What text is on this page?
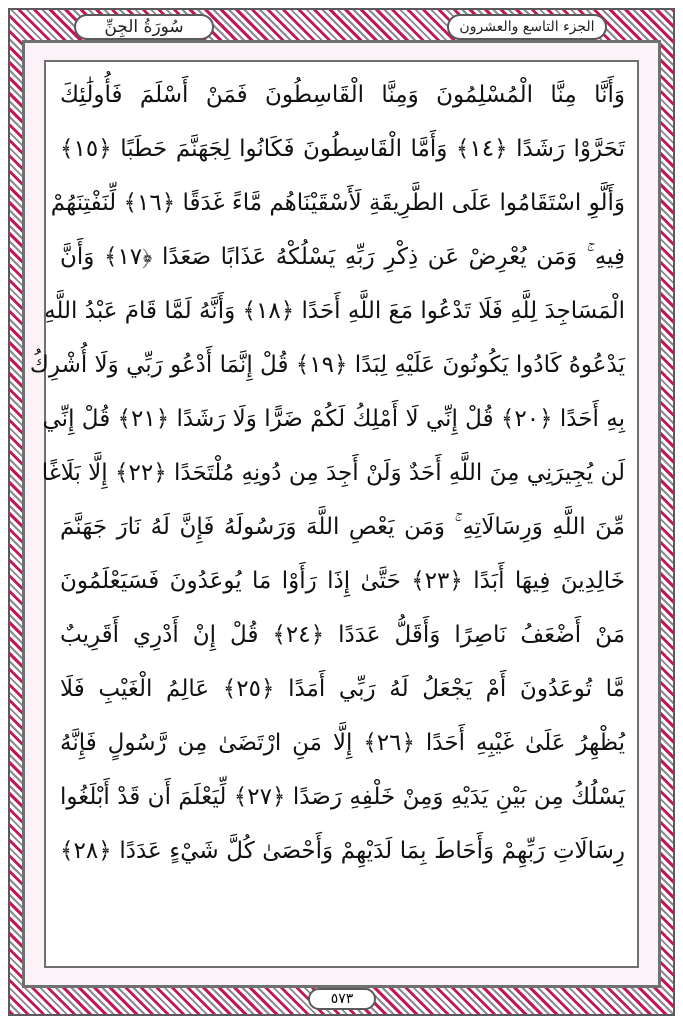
سُورَةُ الجِنِّ	الجزء التاسع والعشرون
وَأَنَّا مِنَّا الْمُسْلِمُونَ وَمِنَّا الْقَاسِطُونَ فَمَنْ أَسْلَمَ فَأُولَٰئِكَ
تَحَرَّوْا رَشَدًا ﴿١٤﴾ وَأَمَّا الْقَاسِطُونَ فَكَانُوا لِجَهَنَّمَ حَطَبًا ﴿١٥﴾
وَأَلَّوِ اسْتَقَامُوا عَلَى الطَّرِيقَةِ لَأَسْقَيْنَاهُم مَّاءً غَدَقًا ﴿١٦﴾ لِّنَفْتِنَهُمْ
فِيهِ ۚ وَمَن يُعْرِضْ عَن ذِكْرِ رَبِّهِ يَسْلُكْهُ عَذَابًا صَعَدًا ﴿١٧﴾ وَأَنَّ
الْمَسَاجِدَ لِلَّهِ فَلَا تَدْعُوا مَعَ اللَّهِ أَحَدًا ﴿١٨﴾ وَأَنَّهُ لَمَّا قَامَ عَبْدُ اللَّهِ
يَدْعُوهُ كَادُوا يَكُونُونَ عَلَيْهِ لِبَدًا ﴿١٩﴾ قُلْ إِنَّمَا أَدْعُو رَبِّي وَلَا أُشْرِكُ
بِهِ أَحَدًا ﴿٢٠﴾ قُلْ إِنِّي لَا أَمْلِكُ لَكُمْ ضَرًّا وَلَا رَشَدًا ﴿٢١﴾ قُلْ إِنِّي
لَن يُجِيرَنِي مِنَ اللَّهِ أَحَدٌ وَلَنْ أَجِدَ مِن دُونِهِ مُلْتَحَدًا ﴿٢٢﴾ إِلَّا بَلَاغًا
مِّنَ اللَّهِ وَرِسَالَاتِهِ ۚ وَمَن يَعْصِ اللَّهَ وَرَسُولَهُ فَإِنَّ لَهُ نَارَ جَهَنَّمَ
خَالِدِينَ فِيهَا أَبَدًا ﴿٢٣﴾ حَتَّىٰ إِذَا رَأَوْا مَا يُوعَدُونَ فَسَيَعْلَمُونَ
مَنْ أَضْعَفُ نَاصِرًا وَأَقَلُّ عَدَدًا ﴿٢٤﴾ قُلْ إِنْ أَدْرِي أَقَرِيبٌ
مَّا تُوعَدُونَ أَمْ يَجْعَلُ لَهُ رَبِّي أَمَدًا ﴿٢٥﴾ عَالِمُ الْغَيْبِ فَلَا
يُظْهِرُ عَلَىٰ غَيْبِهِ أَحَدًا ﴿٢٦﴾ إِلَّا مَنِ ارْتَضَىٰ مِن رَّسُولٍ فَإِنَّهُ
يَسْلُكُ مِن بَيْنِ يَدَيْهِ وَمِنْ خَلْفِهِ رَصَدًا ﴿٢٧﴾ لِّيَعْلَمَ أَن قَدْ أَبْلَغُوا
رِسَالَاتِ رَبِّهِمْ وَأَحَاطَ بِمَا لَدَيْهِمْ وَأَحْصَىٰ كُلَّ شَيْءٍ عَدَدًا ﴿٢٨﴾
٥٧٣
